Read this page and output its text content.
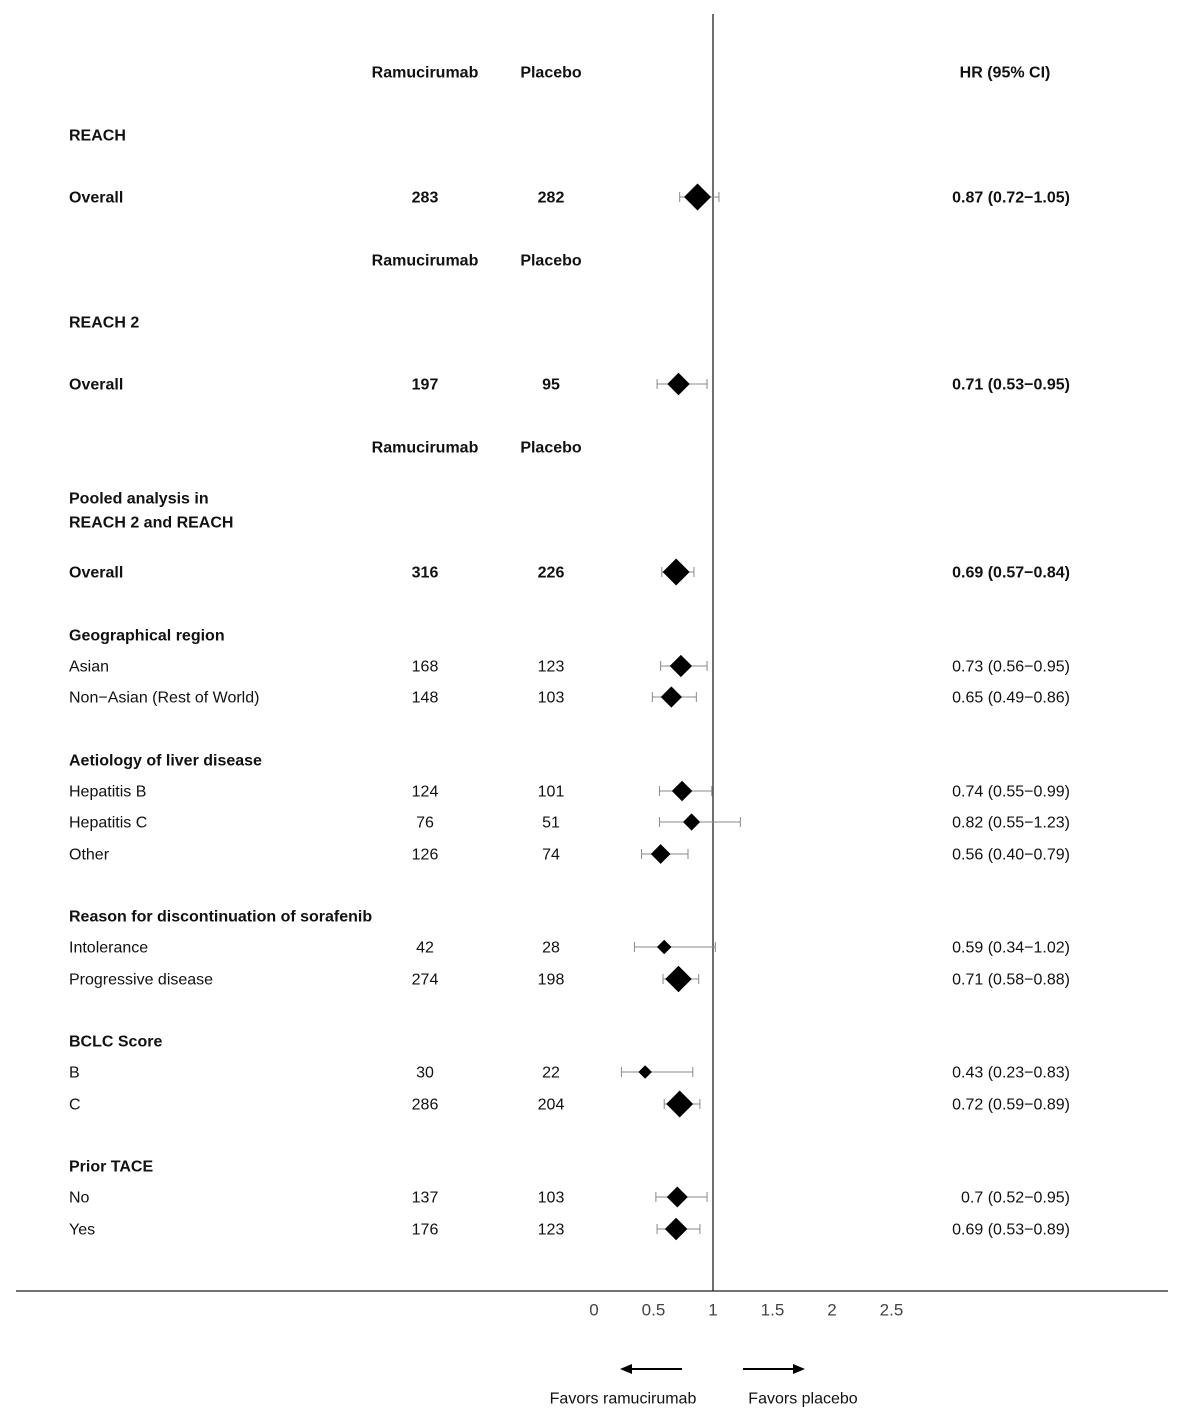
0	0.5	1	1.5	2	2.5
Ramucirumab	Placebo	HR (95% CI)
REACH
Overall	283	282	0.87 (0.72−1.05)
Ramucirumab	Placebo
REACH 2
Overall	197	95	0.71 (0.53−0.95)
Ramucirumab	Placebo
Pooled analysis in
REACH 2 and REACH
Overall	316	226	0.69 (0.57−0.84)
Geographical region
Asian	168	123	0.73 (0.56−0.95)
Non−Asian (Rest of World)	148	103	0.65 (0.49−0.86)
Aetiology of liver disease
Hepatitis B	124	101	0.74 (0.55−0.99)
Hepatitis C	76	51	0.82 (0.55−1.23)
Other	126	74	0.56 (0.40−0.79)
Reason for discontinuation of sorafenib
Intolerance	42	28	0.59 (0.34−1.02)
Progressive disease	274	198	0.71 (0.58−0.88)
BCLC Score
B	30	22	0.43 (0.23−0.83)
C	286	204	0.72 (0.59−0.89)
Prior TACE
No	137	103	0.7 (0.52−0.95)
Yes	176	123	0.69 (0.53−0.89)
Favors ramucirumab	Favors placebo
